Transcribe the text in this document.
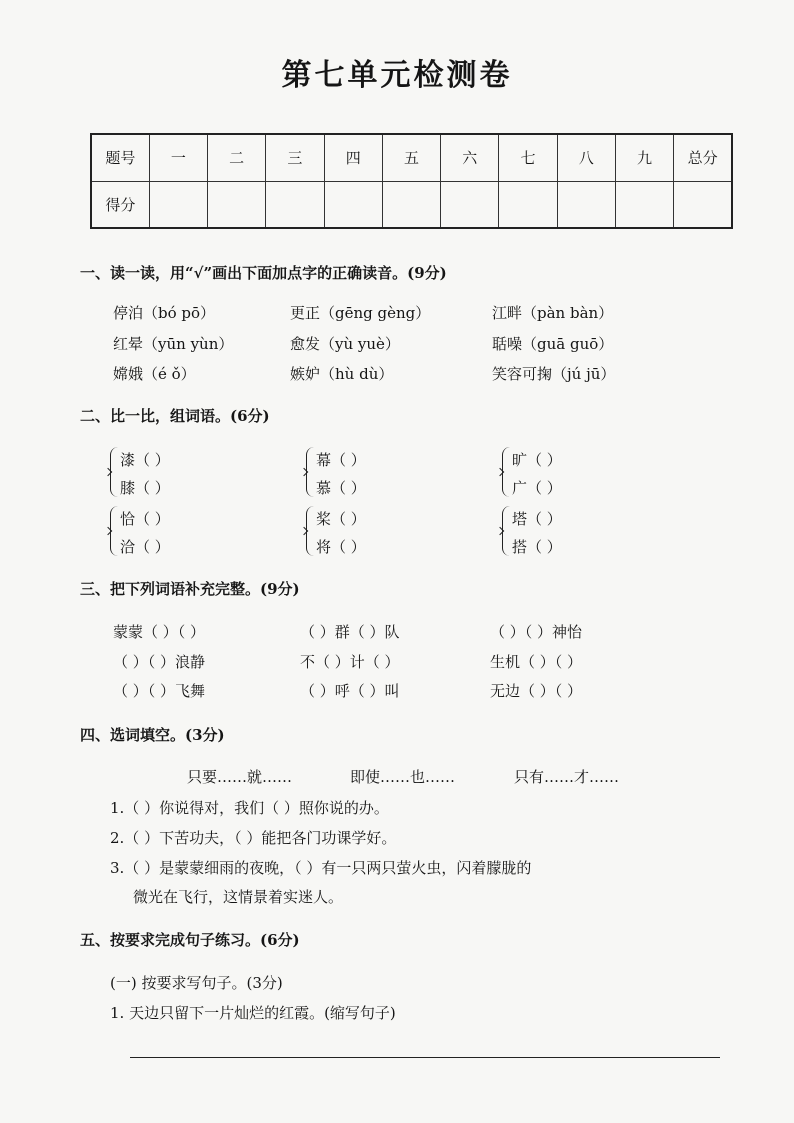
第七单元检测卷
题号	一	二	三	四	五	六	七	八	九	总分
得分										
一、读一读，用“√”画出下面加点字的正确读音。(9分)
停泊（bó pō）	更正（gēng gèng）	江畔（pàn bàn）
红晕（yūn yùn）	愈发（yù yuè）	聒噪（guā guō）
嫦娥（é ǒ）	嫉妒（hù dù）	笑容可掬（jú jū）
二、比一比，组词语。(6分)
漆（ ）
膝（ ）
幕（ ）
慕（ ）
旷（ ）
广（ ）
恰（ ）
洽（ ）
桨（ ）
将（ ）
塔（ ）
搭（ ）
三、把下列词语补充完整。(9分)
蒙蒙（ ）（ ）	（ ）群（ ）队	（ ）（ ）神怡
（ ）（ ）浪静	不（ ）计（ ）	生机（ ）（ ）
（ ）（ ）飞舞	（ ）呼（ ）叫	无边（ ）（ ）
四、选词填空。(3分)
只要……就……	即使……也……	只有……才……
1.（ ）你说得对，我们（ ）照你说的办。
2.（ ）下苦功夫，（ ）能把各门功课学好。
3.（ ）是蒙蒙细雨的夜晚，（ ）有一只两只萤火虫，闪着朦胧的
微光在飞行，这情景着实迷人。
五、按要求完成句子练习。(6分)
(一) 按要求写句子。(3分)
1. 天边只留下一片灿烂的红霞。(缩写句子)
